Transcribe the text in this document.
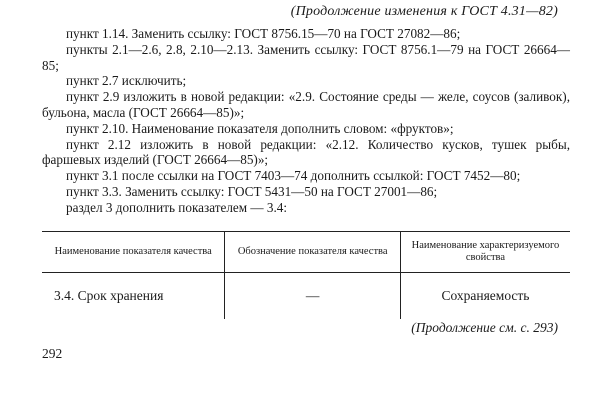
(Продолжение изменения к ГОСТ 4.31—82)

пункт 1.14. Заменить ссылку: ГОСТ 8756.15—70 на ГОСТ 27082—86;

пункты 2.1—2.6, 2.8, 2.10—2.13. Заменить ссылку: ГОСТ 8756.1—79 на ГОСТ 26664—85;

пункт 2.7 исключить;

пункт 2.9 изложить в новой редакции: «2.9. Состояние среды — желе, соусов (заливок), бульона, масла (ГОСТ 26664—85)»;

пункт 2.10. Наименование показателя дополнить словом: «фруктов»;

пункт 2.12 изложить в новой редакции: «2.12. Количество кусков, тушек рыбы, фаршевых изделий (ГОСТ 26664—85)»;

пункт 3.1 после ссылки на ГОСТ 7403—74 дополнить ссылкой: ГОСТ 7452—80;

пункт 3.3. Заменить ссылку: ГОСТ 5431—50 на ГОСТ 27001—86;

раздел 3 дополнить показателем — 3.4:

Наименование показателя качества	Обозначение показателя качества	Наименование характеризуемого свойства
3.4. Срок хранения	—	Сохраняемость
(Продолжение см. с. 293)
292
